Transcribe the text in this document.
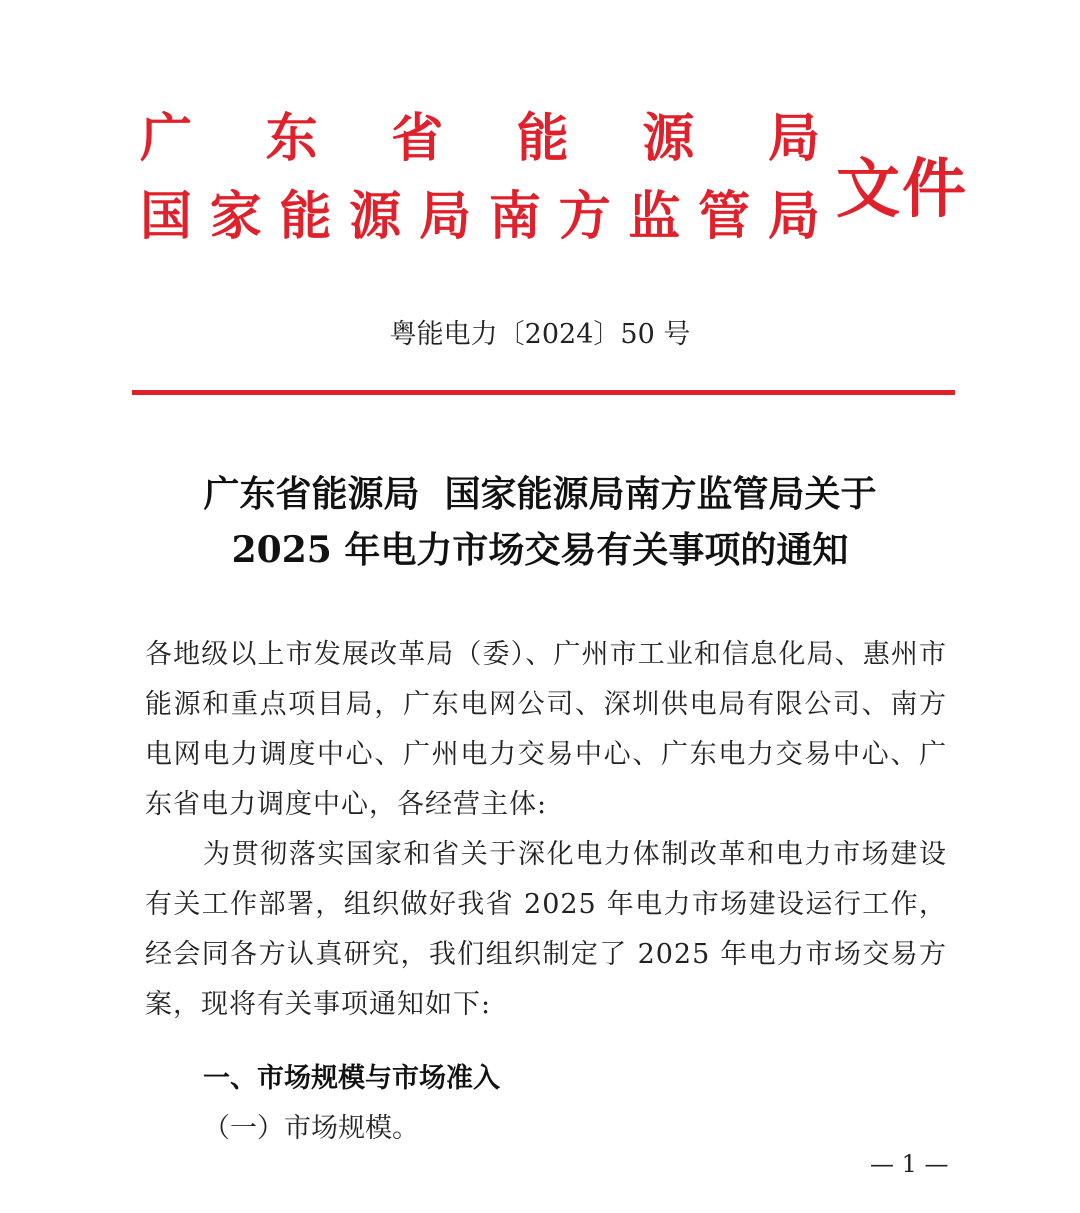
广 东 省 能 源 局
国 家 能 源 局 南 方 监 管 局 文件
粤能电力〔2024〕50 号
广东省能源局  国家能源局南方监管局关于
2025 年电力市场交易有关事项的通知
各地级以上市发展改革局（委）、广州市工业和信息化局、惠州市能源和重点项目局，广东电网公司、深圳供电局有限公司、南方电网电力调度中心、广州电力交易中心、广东电力交易中心、广东省电力调度中心，各经营主体:
为贯彻落实国家和省关于深化电力体制改革和电力市场建设有关工作部署，组织做好我省 2025 年电力市场建设运行工作，经会同各方认真研究，我们组织制定了 2025 年电力市场交易方案，现将有关事项通知如下:
一、市场规模与市场准入
（一）市场规模。
— 1 —
